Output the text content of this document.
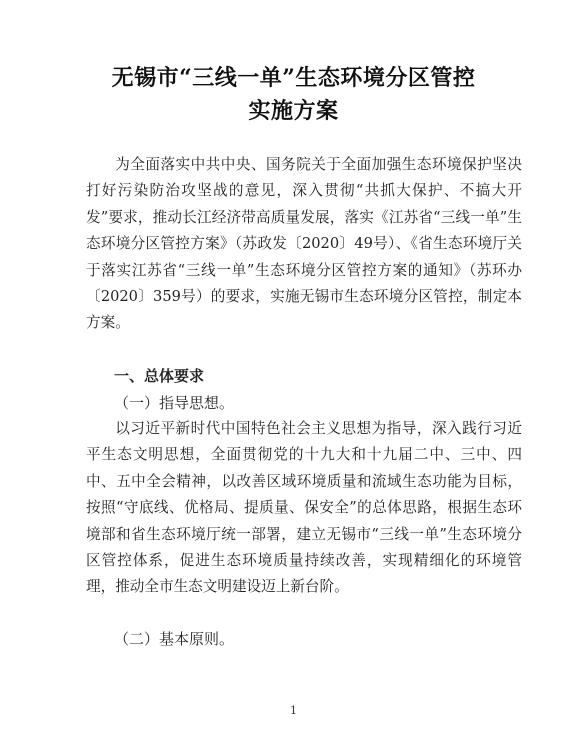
无锡市“三线一单”生态环境分区管控
实施方案

为全面落实中共中央、国务院关于全面加强生态环境保护坚决打好污染防治攻坚战的意见，深入贯彻“共抓大保护、不搞大开发”要求，推动长江经济带高质量发展，落实《江苏省“三线一单”生态环境分区管控方案》（苏政发〔2020〕49号）、《省生态环境厅关于落实江苏省“三线一单”生态环境分区管控方案的通知》（苏环办〔2020〕359号）的要求，实施无锡市生态环境分区管控，制定本方案。

一、总体要求

（一）指导思想。

以习近平新时代中国特色社会主义思想为指导，深入践行习近平生态文明思想，全面贯彻党的十九大和十九届二中、三中、四中、五中全会精神，以改善区域环境质量和流域生态功能为目标，按照“守底线、优格局、提质量、保安全”的总体思路，根据生态环境部和省生态环境厅统一部署，建立无锡市“三线一单”生态环境分区管控体系，促进生态环境质量持续改善，实现精细化的环境管理，推动全市生态文明建设迈上新台阶。

（二）基本原则。

1
